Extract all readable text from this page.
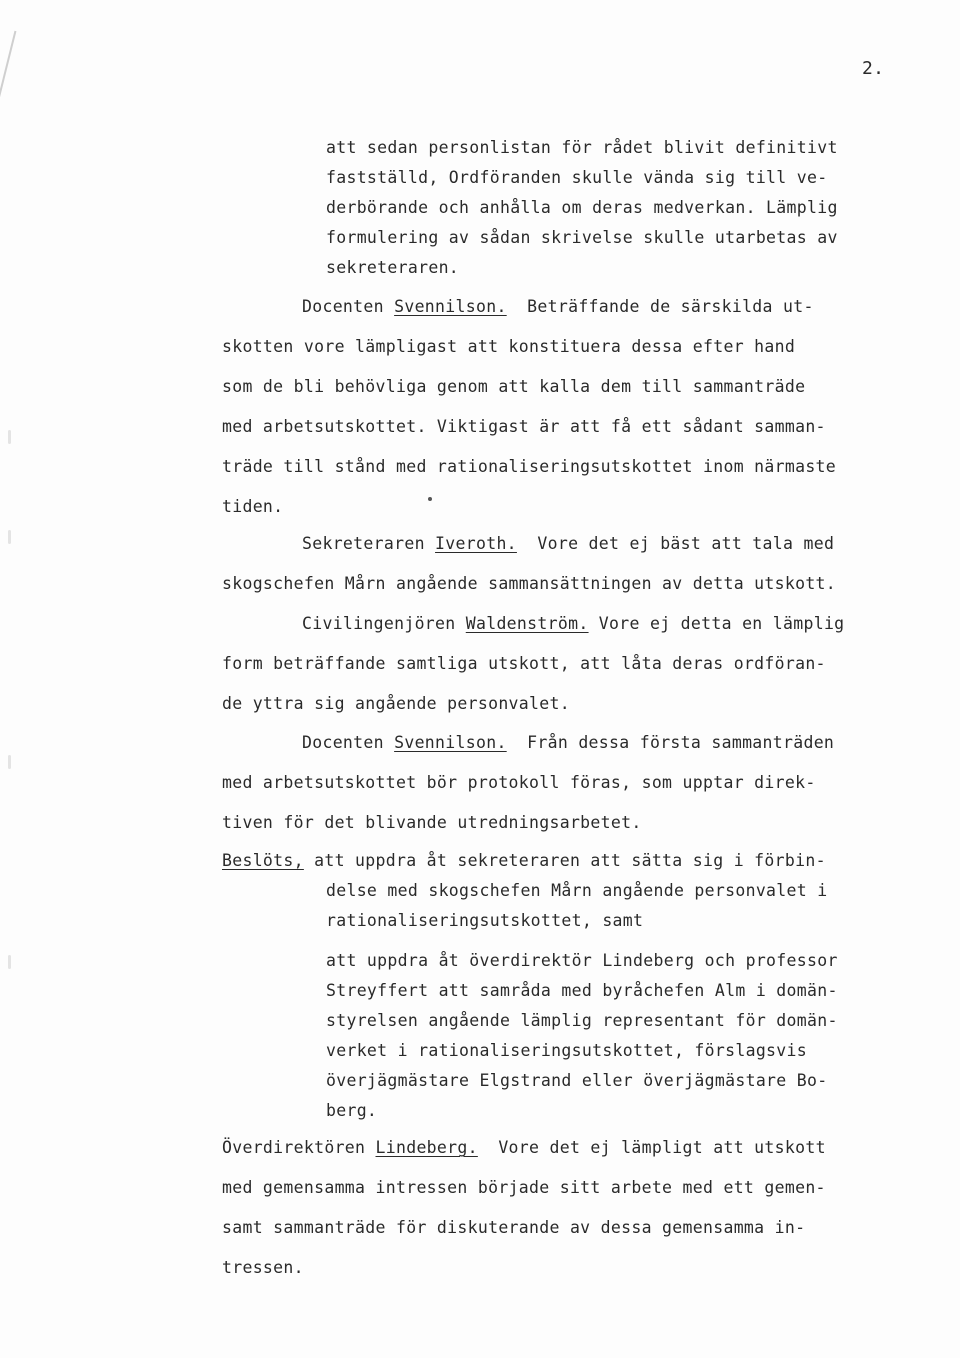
2.
att sedan personlistan för rådet blivit definitivt
fastställd, Ordföranden skulle vända sig till ve-
derbörande och anhålla om deras medverkan. Lämplig
formulering av sådan skrivelse skulle utarbetas av
sekreteraren.
Docenten Svennilson. Beträffande de särskilda ut-
skotten vore lämpligast att konstituera dessa efter hand
som de bli behövliga genom att kalla dem till sammanträde
med arbetsutskottet. Viktigast är att få ett sådant samman-
träde till stånd med rationaliseringsutskottet inom närmaste
tiden.
Sekreteraren Iveroth. Vore det ej bäst att tala med
skogschefen Mårn angående sammansättningen av detta utskott.
Civilingenjören Waldenström. Vore ej detta en lämplig
form beträffande samtliga utskott, att låta deras ordföran-
de yttra sig angående personvalet.
Docenten Svennilson. Från dessa första sammanträden
med arbetsutskottet bör protokoll föras, som upptar direk-
tiven för det blivande utredningsarbetet.
Beslöts, att uppdra åt sekreteraren att sätta sig i förbin-
delse med skogschefen Mårn angående personvalet i
rationaliseringsutskottet, samt
att uppdra åt överdirektör Lindeberg och professor
Streyffert att samråda med byråchefen Alm i domän-
styrelsen angående lämplig representant för domän-
verket i rationaliseringsutskottet, förslagsvis
överjägmästare Elgstrand eller överjägmästare Bo-
berg.
Överdirektören Lindeberg. Vore det ej lämpligt att utskott
med gemensamma intressen började sitt arbete med ett gemen-
samt sammanträde för diskuterande av dessa gemensamma in-
tressen.
